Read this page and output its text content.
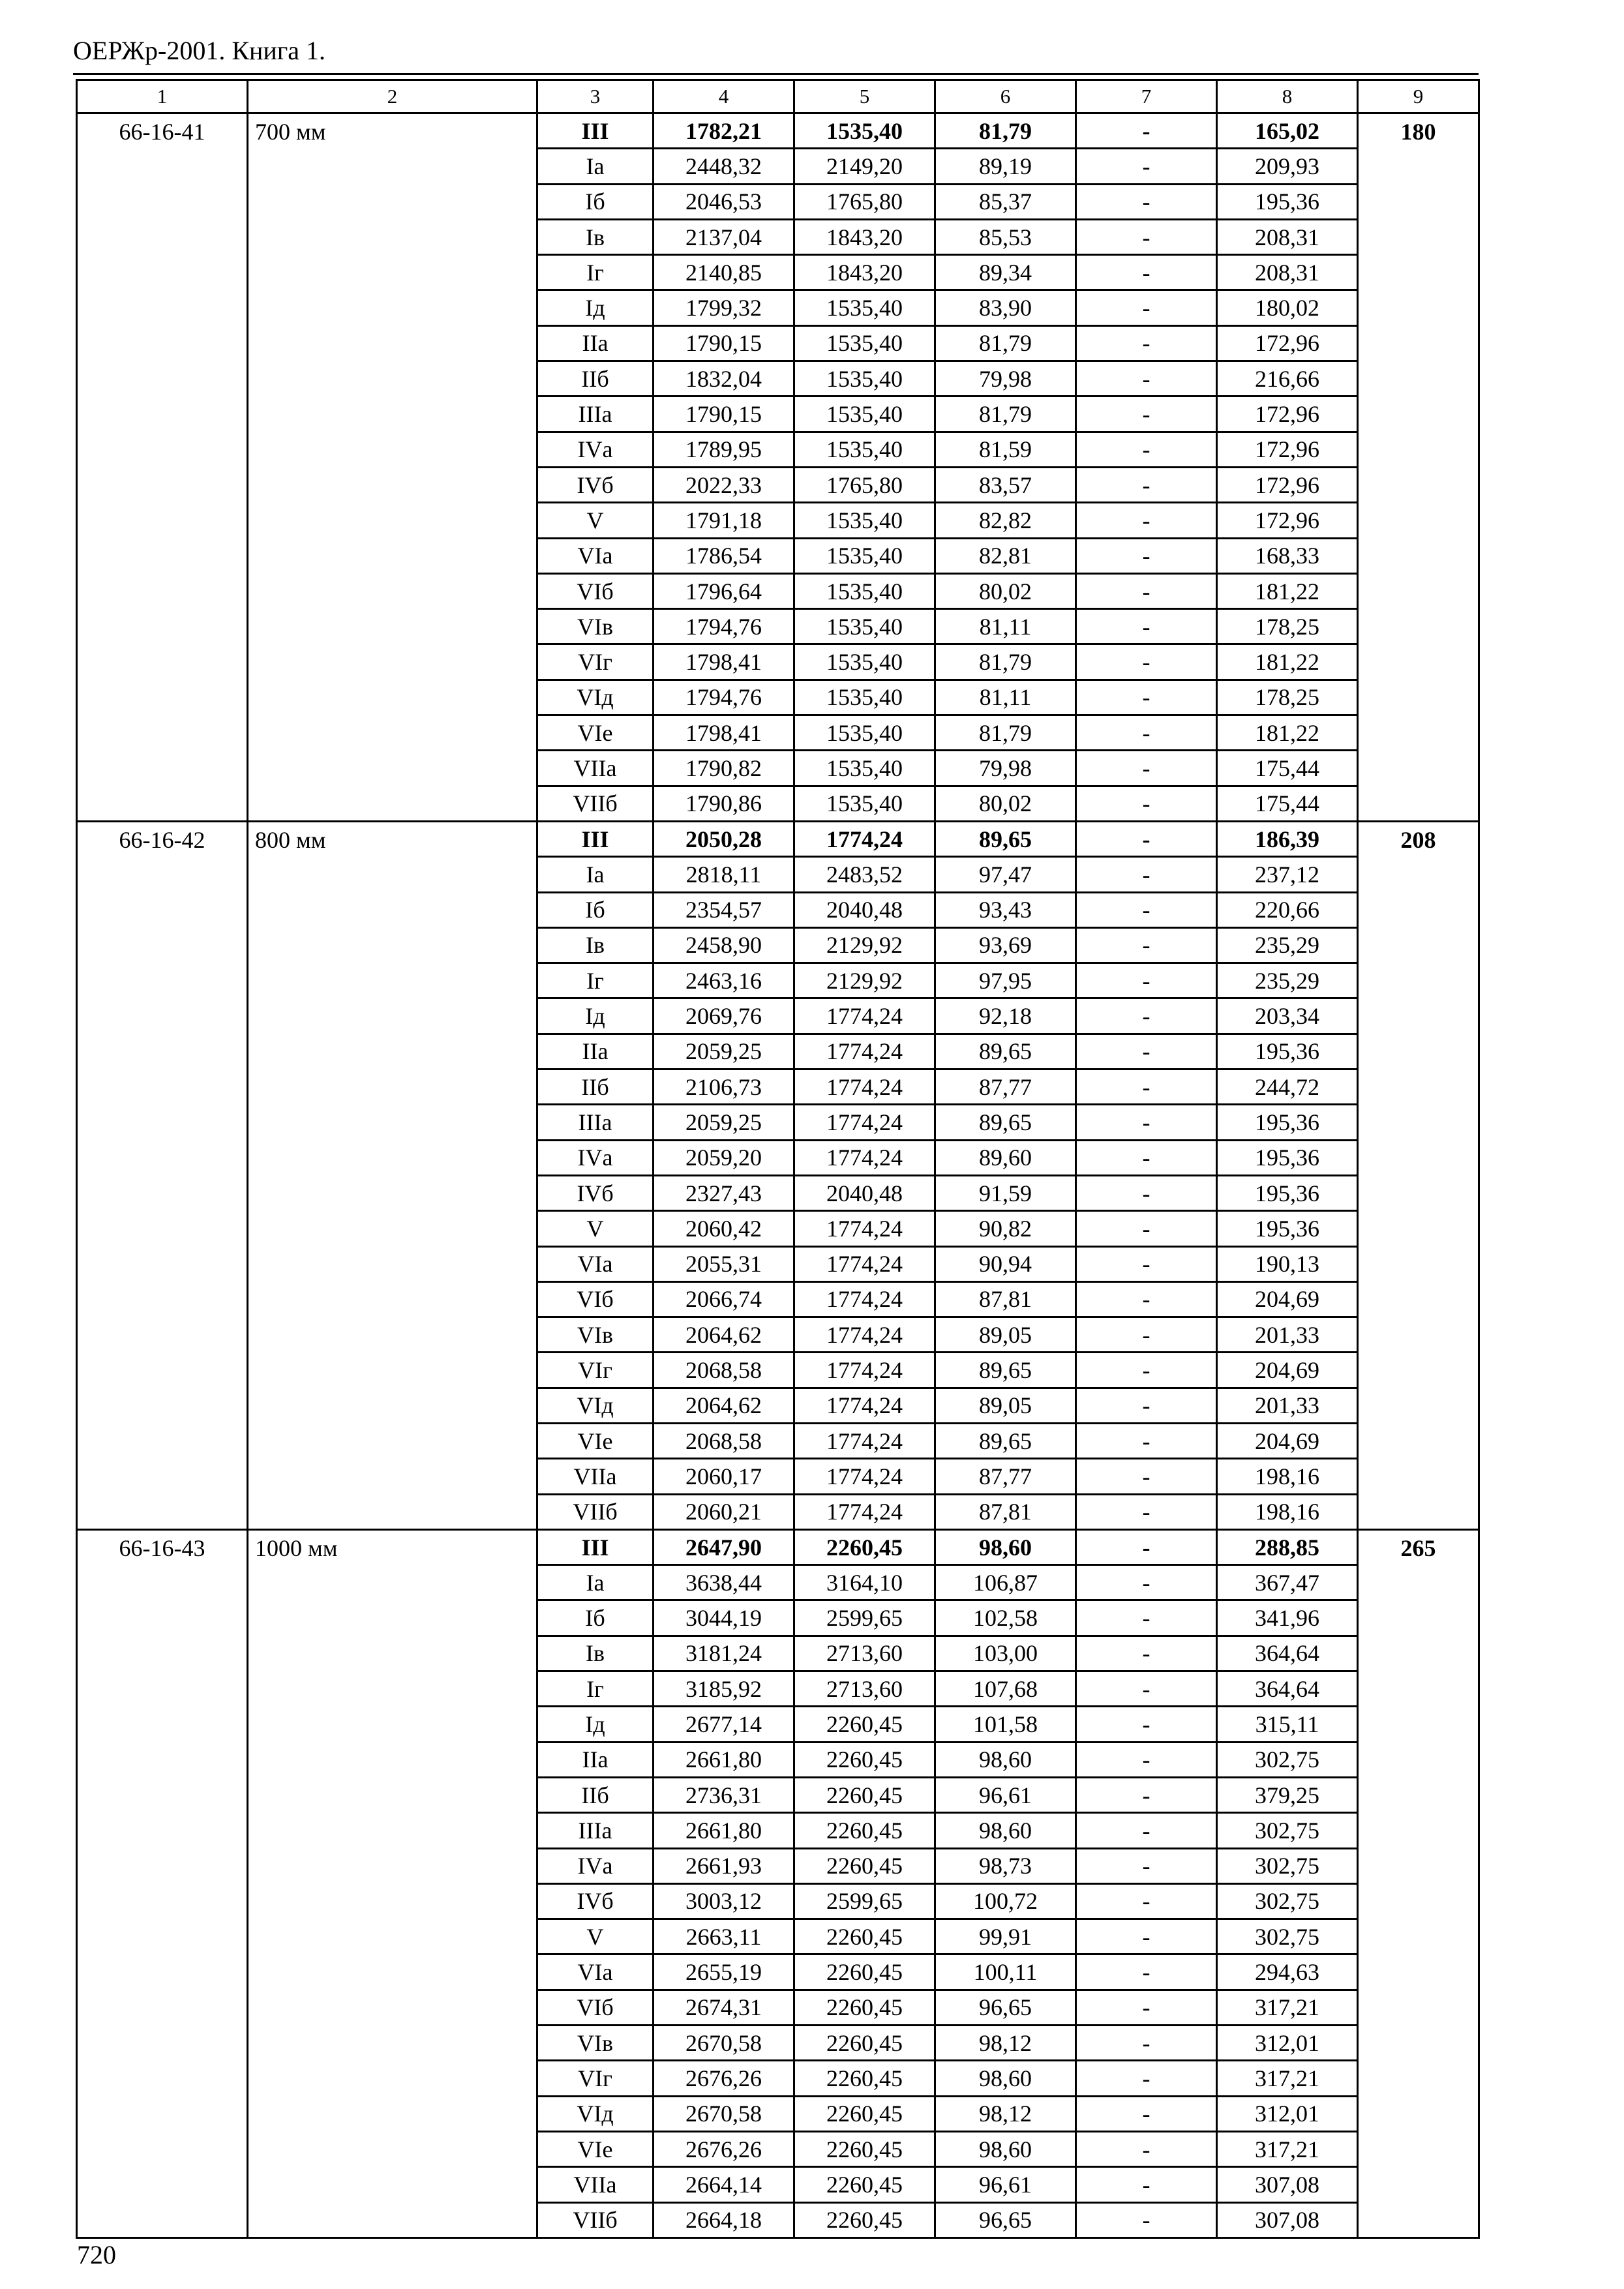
ОЕРЖр-2001. Книга 1.
1	2	3	4	5	6	7	8	9
66-16-41	700 мм	III	1782,21	1535,40	81,79	-	165,02	180
		Iа	2448,32	2149,20	89,19	-	209,93	
		Iб	2046,53	1765,80	85,37	-	195,36	
		Iв	2137,04	1843,20	85,53	-	208,31	
		Iг	2140,85	1843,20	89,34	-	208,31	
		Iд	1799,32	1535,40	83,90	-	180,02	
		IIа	1790,15	1535,40	81,79	-	172,96	
		IIб	1832,04	1535,40	79,98	-	216,66	
		IIIа	1790,15	1535,40	81,79	-	172,96	
		IVа	1789,95	1535,40	81,59	-	172,96	
		IVб	2022,33	1765,80	83,57	-	172,96	
		V	1791,18	1535,40	82,82	-	172,96	
		VIа	1786,54	1535,40	82,81	-	168,33	
		VIб	1796,64	1535,40	80,02	-	181,22	
		VIв	1794,76	1535,40	81,11	-	178,25	
		VIг	1798,41	1535,40	81,79	-	181,22	
		VIд	1794,76	1535,40	81,11	-	178,25	
		VIе	1798,41	1535,40	81,79	-	181,22	
		VIIа	1790,82	1535,40	79,98	-	175,44	
		VIIб	1790,86	1535,40	80,02	-	175,44	
66-16-42	800 мм	III	2050,28	1774,24	89,65	-	186,39	208
		Iа	2818,11	2483,52	97,47	-	237,12	
		Iб	2354,57	2040,48	93,43	-	220,66	
		Iв	2458,90	2129,92	93,69	-	235,29	
		Iг	2463,16	2129,92	97,95	-	235,29	
		Iд	2069,76	1774,24	92,18	-	203,34	
		IIа	2059,25	1774,24	89,65	-	195,36	
		IIб	2106,73	1774,24	87,77	-	244,72	
		IIIа	2059,25	1774,24	89,65	-	195,36	
		IVа	2059,20	1774,24	89,60	-	195,36	
		IVб	2327,43	2040,48	91,59	-	195,36	
		V	2060,42	1774,24	90,82	-	195,36	
		VIа	2055,31	1774,24	90,94	-	190,13	
		VIб	2066,74	1774,24	87,81	-	204,69	
		VIв	2064,62	1774,24	89,05	-	201,33	
		VIг	2068,58	1774,24	89,65	-	204,69	
		VIд	2064,62	1774,24	89,05	-	201,33	
		VIе	2068,58	1774,24	89,65	-	204,69	
		VIIа	2060,17	1774,24	87,77	-	198,16	
		VIIб	2060,21	1774,24	87,81	-	198,16	
66-16-43	1000 мм	III	2647,90	2260,45	98,60	-	288,85	265
		Iа	3638,44	3164,10	106,87	-	367,47	
		Iб	3044,19	2599,65	102,58	-	341,96	
		Iв	3181,24	2713,60	103,00	-	364,64	
		Iг	3185,92	2713,60	107,68	-	364,64	
		Iд	2677,14	2260,45	101,58	-	315,11	
		IIа	2661,80	2260,45	98,60	-	302,75	
		IIб	2736,31	2260,45	96,61	-	379,25	
		IIIа	2661,80	2260,45	98,60	-	302,75	
		IVа	2661,93	2260,45	98,73	-	302,75	
		IVб	3003,12	2599,65	100,72	-	302,75	
		V	2663,11	2260,45	99,91	-	302,75	
		VIа	2655,19	2260,45	100,11	-	294,63	
		VIб	2674,31	2260,45	96,65	-	317,21	
		VIв	2670,58	2260,45	98,12	-	312,01	
		VIг	2676,26	2260,45	98,60	-	317,21	
		VIд	2670,58	2260,45	98,12	-	312,01	
		VIе	2676,26	2260,45	98,60	-	317,21	
		VIIа	2664,14	2260,45	96,61	-	307,08	
		VIIб	2664,18	2260,45	96,65	-	307,08	
720
